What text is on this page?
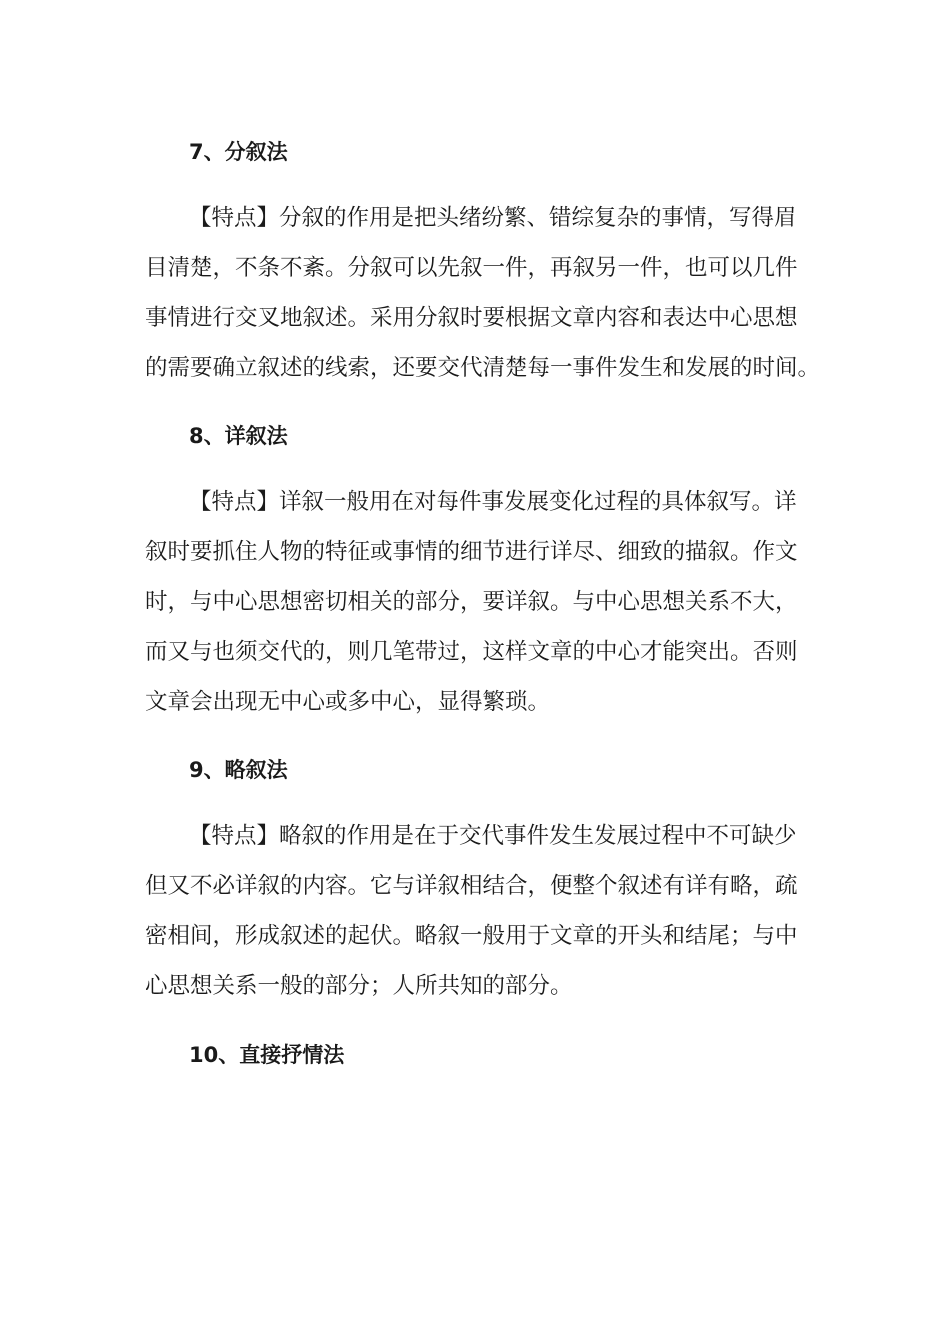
7、分叙法
【特点】分叙的作用是把头绪纷繁、错综复杂的事情，写得眉
目清楚，不条不紊。分叙可以先叙一件，再叙另一件，也可以几件
事情进行交叉地叙述。采用分叙时要根据文章内容和表达中心思想
的需要确立叙述的线索，还要交代清楚每一事件发生和发展的时间。
8、详叙法
【特点】详叙一般用在对每件事发展变化过程的具体叙写。详
叙时要抓住人物的特征或事情的细节进行详尽、细致的描叙。作文
时，与中心思想密切相关的部分，要详叙。与中心思想关系不大，
而又与也须交代的，则几笔带过，这样文章的中心才能突出。否则
文章会出现无中心或多中心，显得繁琐。
9、略叙法
【特点】略叙的作用是在于交代事件发生发展过程中不可缺少
但又不必详叙的内容。它与详叙相结合，便整个叙述有详有略，疏
密相间，形成叙述的起伏。略叙一般用于文章的开头和结尾；与中
心思想关系一般的部分；人所共知的部分。
10、直接抒情法
